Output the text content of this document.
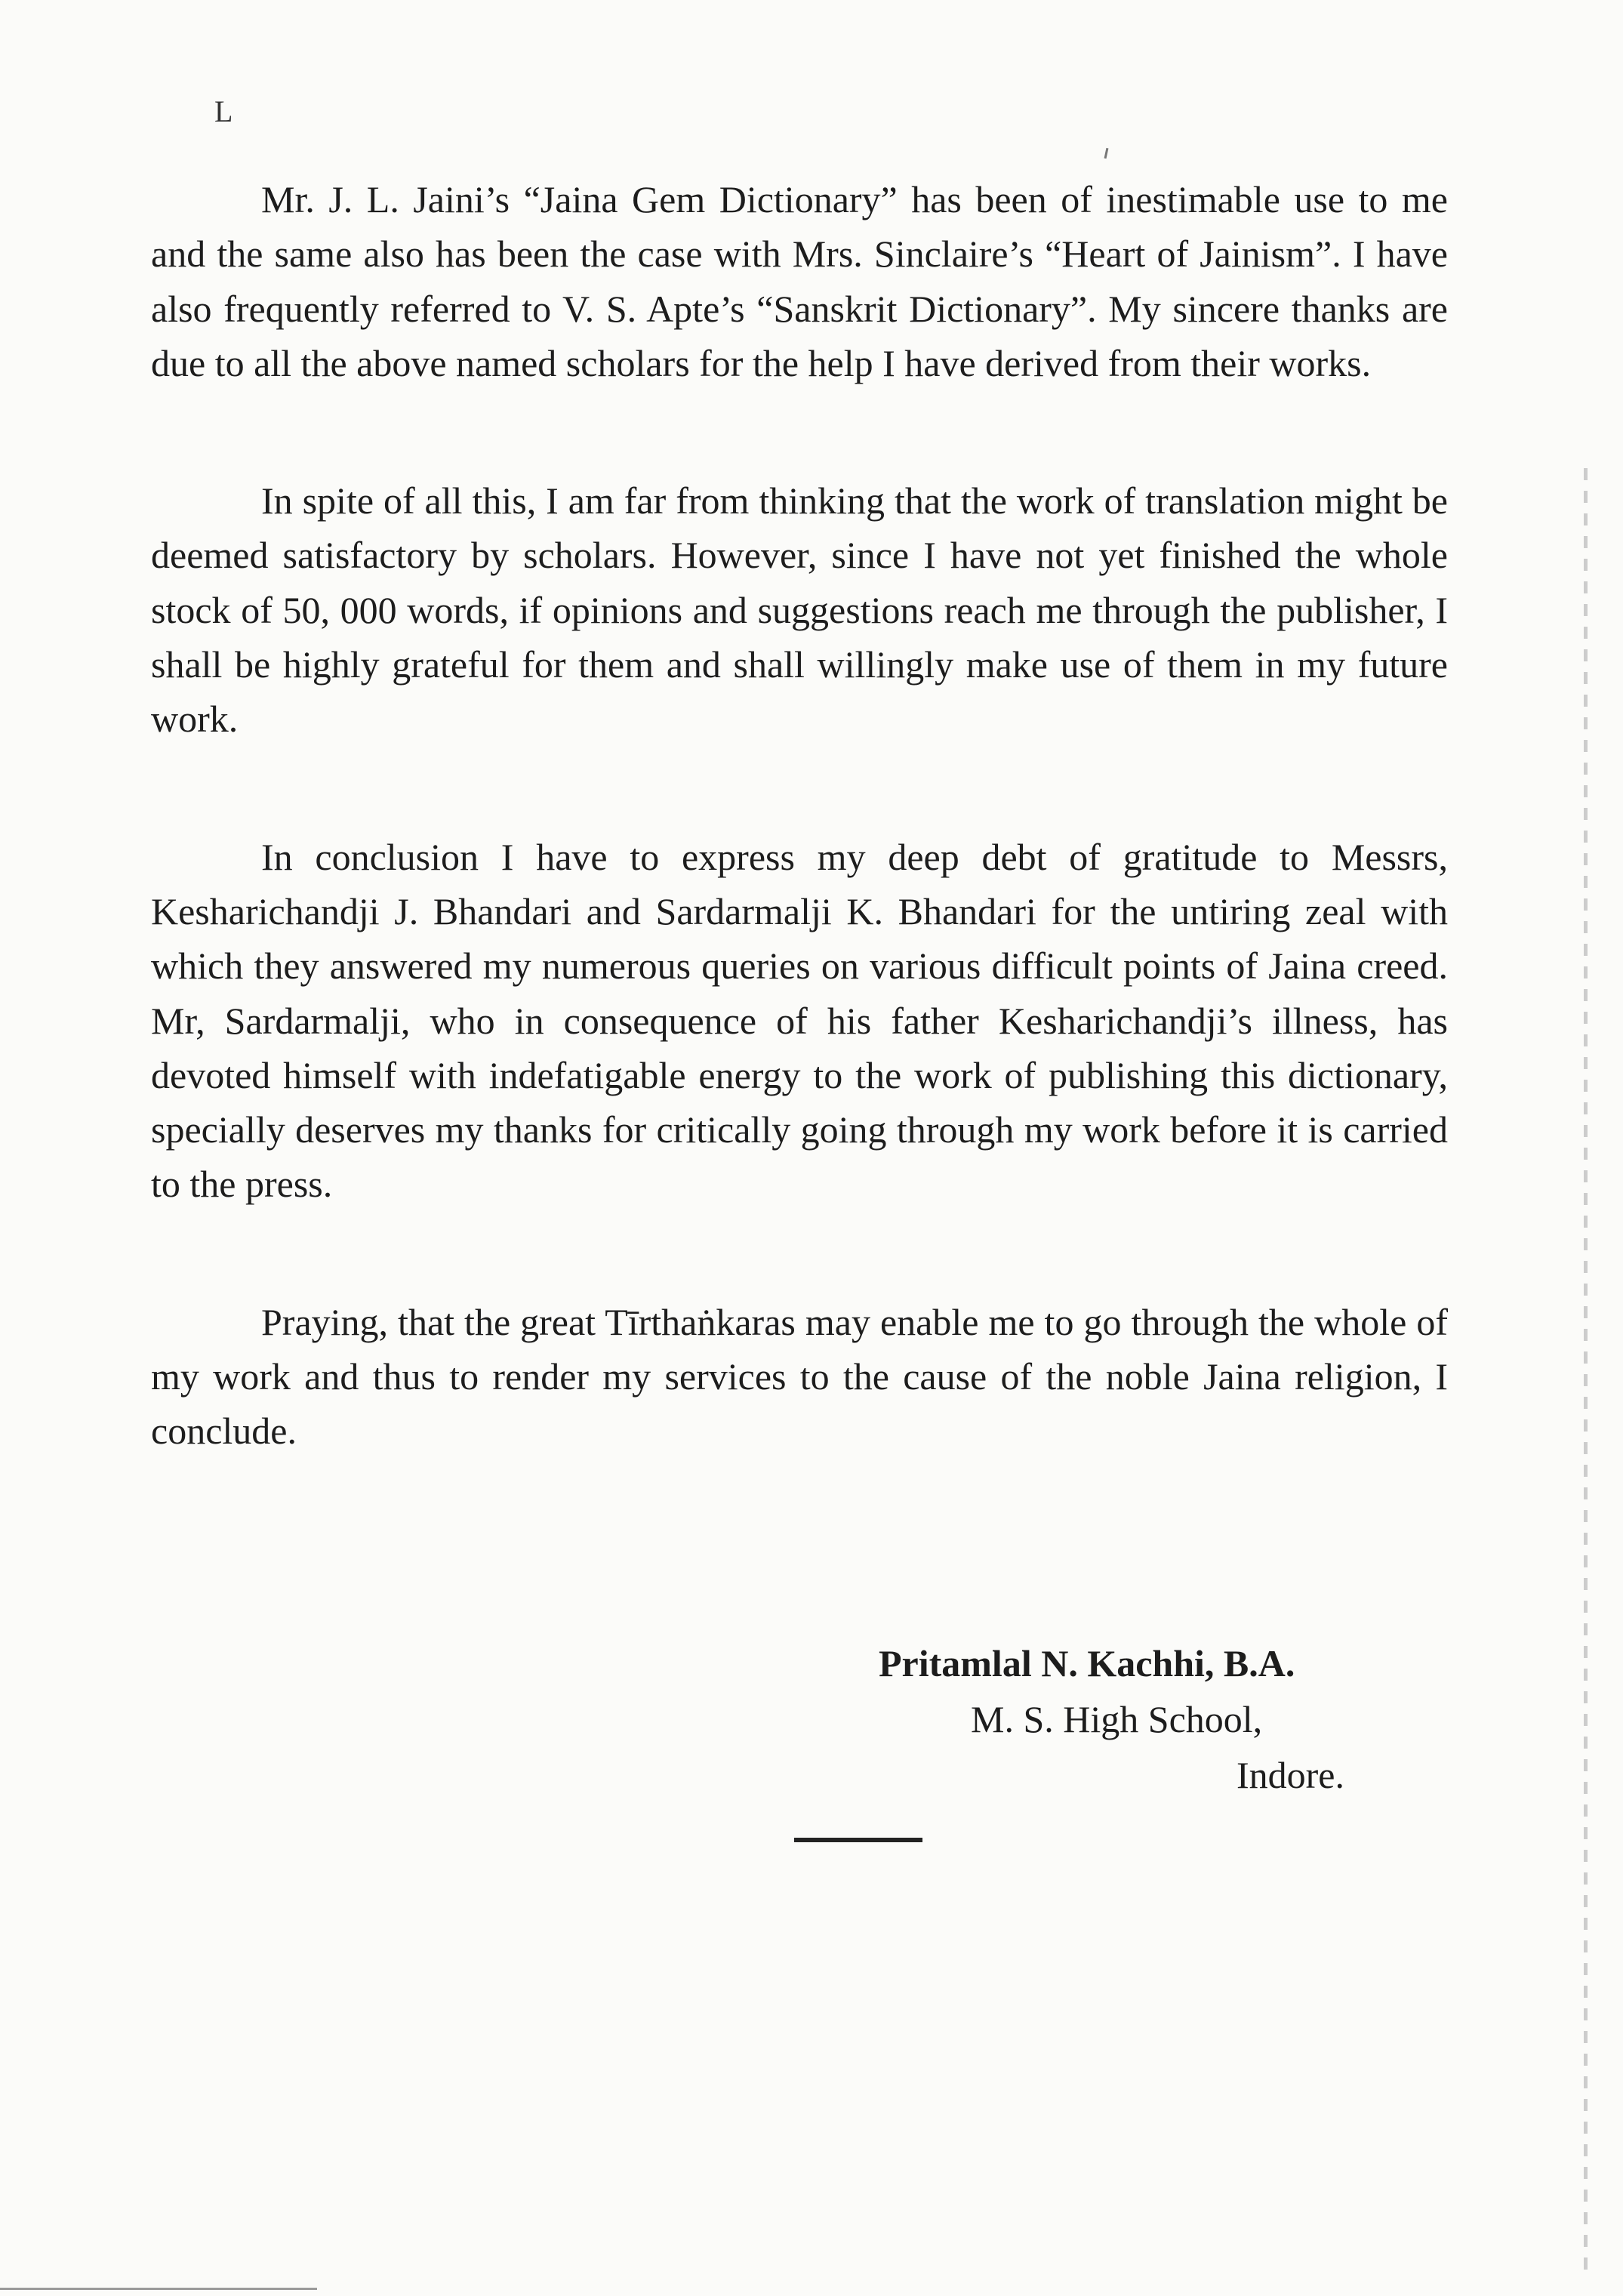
L

Mr. J. L. Jaini’s “Jaina Gem Dictionary” has been of inestimable use to me and the same also has been the case with Mrs. Sinclaire’s “Heart of Jainism”. I have also frequently referred to V. S. Apte’s “Sanskrit Dictionary”. My sincere thanks are due to all the above named scholars for the help I have derived from their works.

In spite of all this, I am far from thinking that the work of translation might be deemed satisfactory by scholars. However, since I have not yet finished the whole stock of 50, 000 words, if opinions and suggestions reach me through the publisher, I shall be highly grateful for them and shall willingly make use of them in my future work.

In conclusion I have to express my deep debt of gratitude to Messrs, Kesharichandji J. Bhandari and Sardarmalji K. Bhandari for the untiring zeal with which they answered my numerous queries on various difficult points of Jaina creed. Mr, Sardarmalji, who in consequence of his father Kesharichandji’s illness, has devoted himself with indefatigable energy to the work of publishing this dictionary, specially deserves my thanks for critically going through my work before it is carried to the press.

Praying, that the great Tīrthaṅkaras may enable me to go through the whole of my work and thus to render my services to the cause of the noble Jaina religion, I conclude.

Pritamlal N. Kachhi, B.A.
M. S. High School,
Indore.
